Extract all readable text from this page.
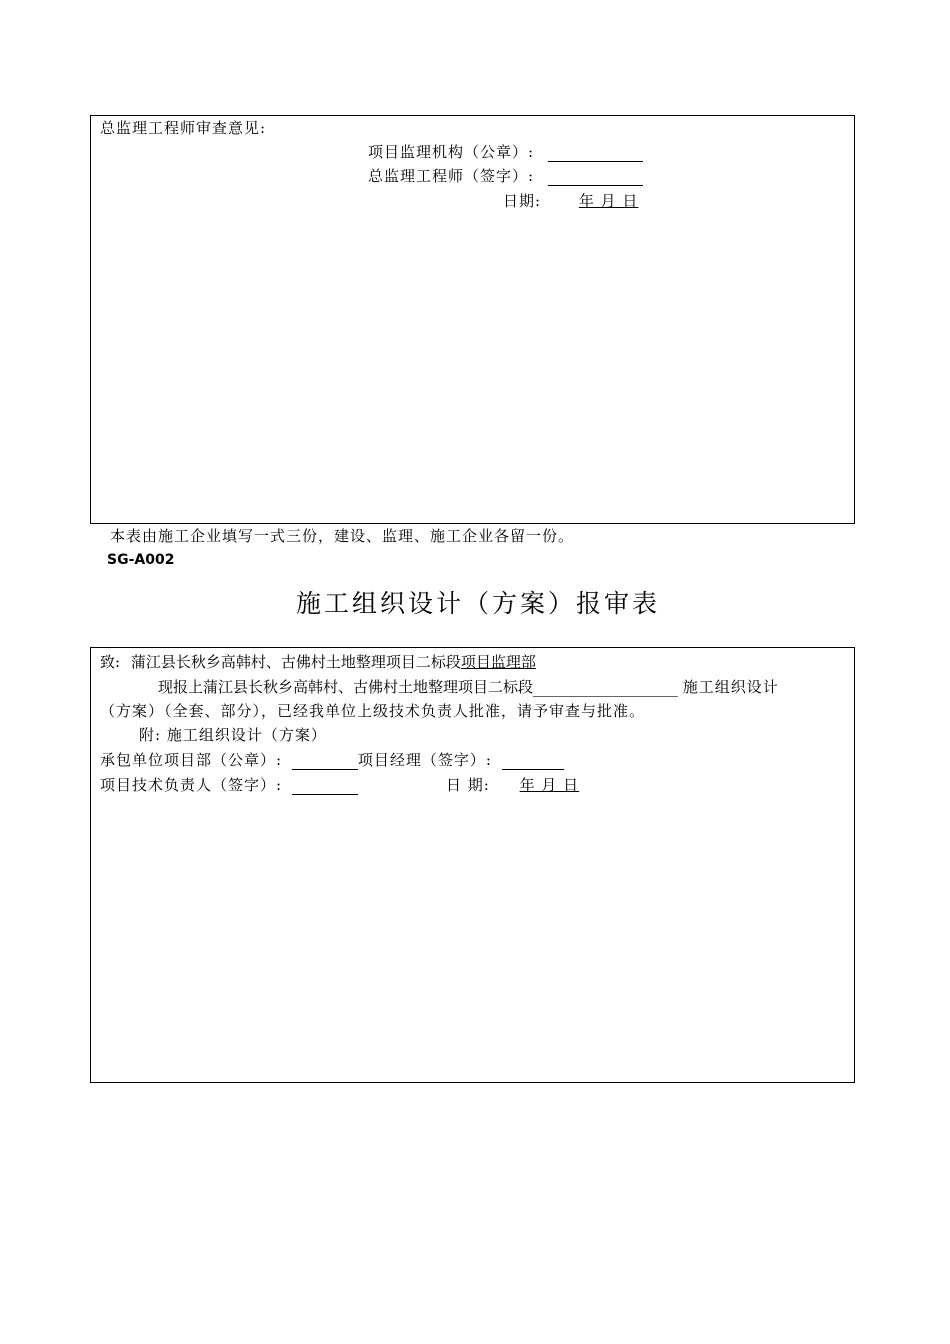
总监理工程师审查意见:
项目监理机构（公章）:
总监理工程师（签字）:
日期:	年 月 日
本表由施工企业填写一式三份，建设、监理、施工企业各留一份。
SG-A002
施工组织设计（方案）报审表
致: 蒲江县长秋乡高韩村、古佛村土地整理项目二标段项目监理部
现报上蒲江县长秋乡高韩村、古佛村土地整理项目二标段	施工组织设计
（方案）（全套、部分），已经我单位上级技术负责人批准，请予审查与批准。
附: 施工组织设计（方案）
承包单位项目部（公章）:	项目经理（签字）:
项目技术负责人（签字）:	日 期: 年 月 日
